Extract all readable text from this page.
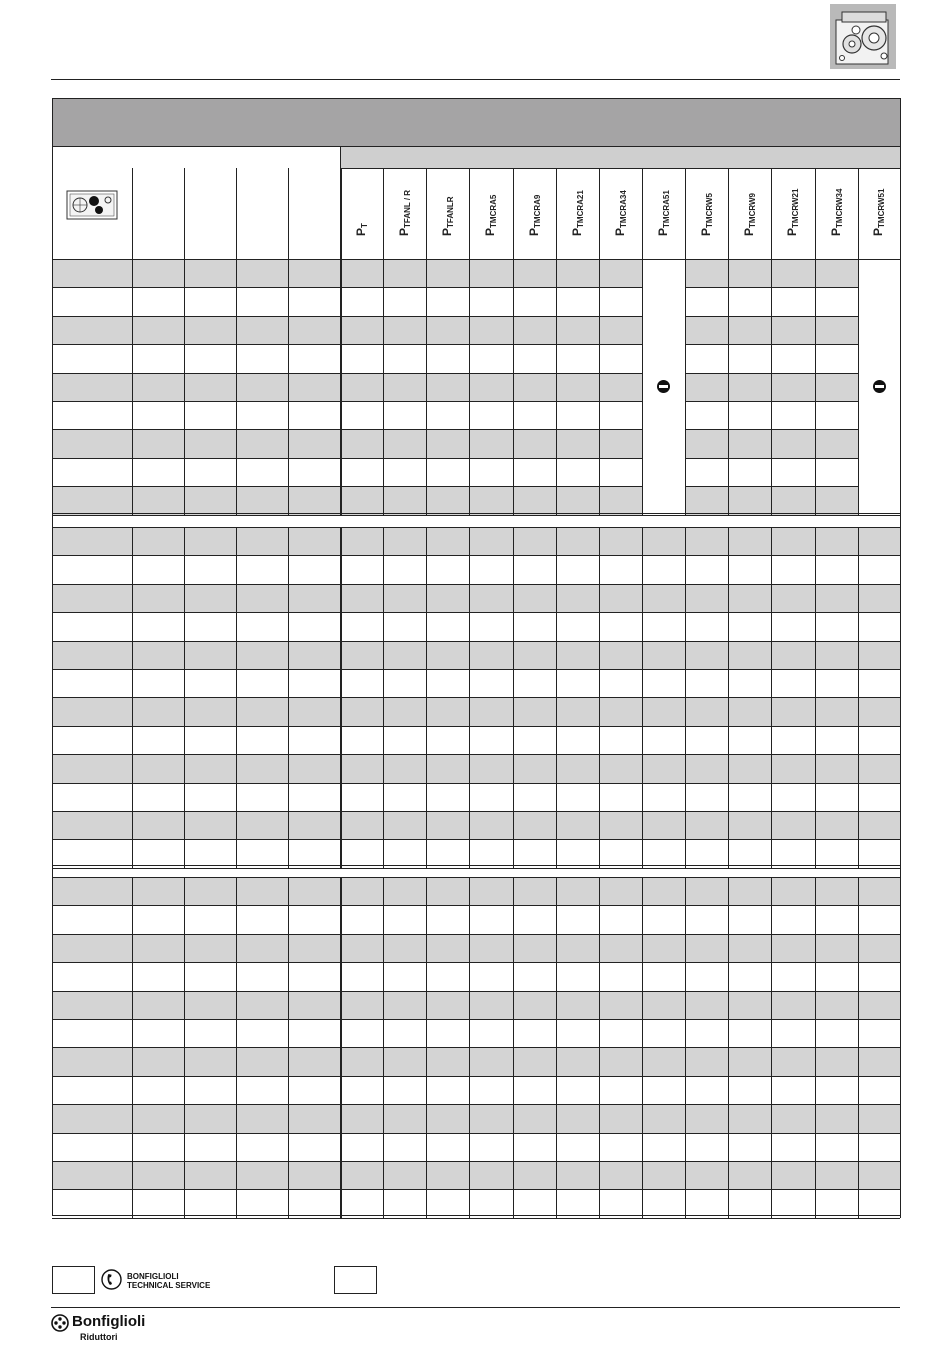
$P_T$
$P_{TFANL / R}$
$P_{TFANLR}$
$P_{TMCRA5}$
$P_{TMCRA9}$
$P_{TMCRA21}$
$P_{TMCRA34}$
$P_{TMCRA51}$
$P_{TMCRW5}$
$P_{TMCRW9}$
$P_{TMCRW21}$
$P_{TMCRW34}$
$P_{TMCRW51}$
BONFIGLIOLI
TECHNICAL SERVICE
Bonfiglioli
Riduttori
